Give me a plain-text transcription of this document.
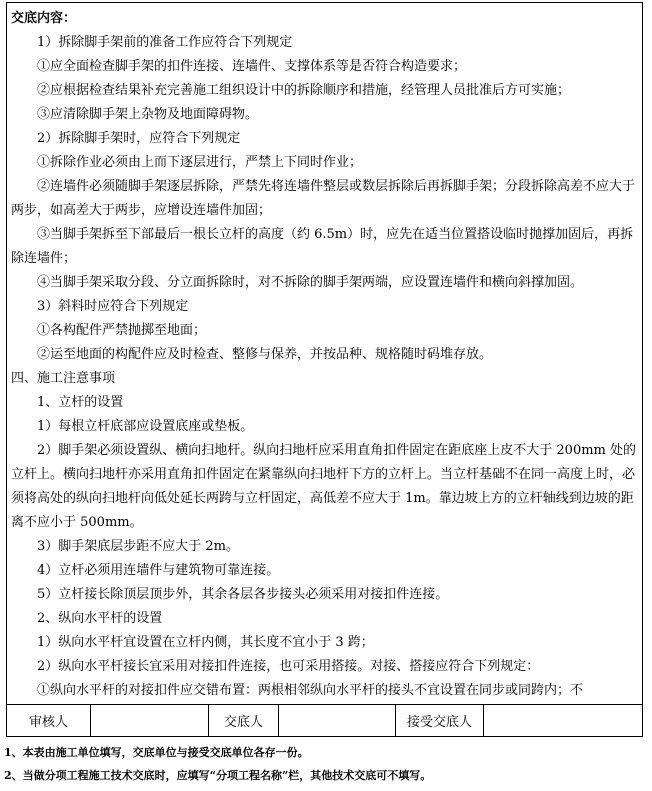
交底内容：

1）拆除脚手架前的准备工作应符合下列规定

①应全面检查脚手架的扣件连接、连墙件、支撑体系等是否符合构造要求；

②应根据检查结果补充完善施工组织设计中的拆除顺序和措施，经管理人员批准后方可实施；

③应清除脚手架上杂物及地面障碍物。

2）拆除脚手架时，应符合下列规定

①拆除作业必须由上而下逐层进行，严禁上下同时作业；

②连墙件必须随脚手架逐层拆除，严禁先将连墙件整层或数层拆除后再拆脚手架；分段拆除高差不应大于两步，如高差大于两步，应增设连墙件加固；

③当脚手架拆至下部最后一根长立杆的高度（约 6.5m）时，应先在适当位置搭设临时抛撑加固后，再拆除连墙件；

④当脚手架采取分段、分立面拆除时，对不拆除的脚手架两端，应设置连墙件和横向斜撑加固。

3）斜料时应符合下列规定

①各构配件严禁抛掷至地面；

②运至地面的构配件应及时检查、整修与保养，并按品种、规格随时码堆存放。

四、施工注意事项

1、立杆的设置

1）每根立杆底部应设置底座或垫板。

2）脚手架必须设置纵、横向扫地杆。纵向扫地杆应采用直角扣件固定在距底座上皮不大于 200mm 处的立杆上。横向扫地杆亦采用直角扣件固定在紧靠纵向扫地杆下方的立杆上。当立杆基础不在同一高度上时，必须将高处的纵向扫地杆向低处延长两跨与立杆固定，高低差不应大于 1m。靠边坡上方的立杆轴线到边坡的距离不应小于 500mm。

3）脚手架底层步距不应大于 2m。

4）立杆必须用连墙件与建筑物可靠连接。

5）立杆接长除顶层顶步外，其余各层各步接头必须采用对接扣件连接。

2、纵向水平杆的设置

1）纵向水平杆宜设置在立杆内侧，其长度不宜小于 3 跨；

2）纵向水平杆接长宜采用对接扣件连接，也可采用搭接。对接、搭接应符合下列规定：

①纵向水平杆的对接扣件应交错布置：两根相邻纵向水平杆的接头不宜设置在同步或同跨内；不

审核人	交底人	接受交底人

1、本表由施工单位填写，交底单位与接受交底单位各存一份。

2、当做分项工程施工技术交底时，应填写“分项工程名称”栏，其他技术交底可不填写。
